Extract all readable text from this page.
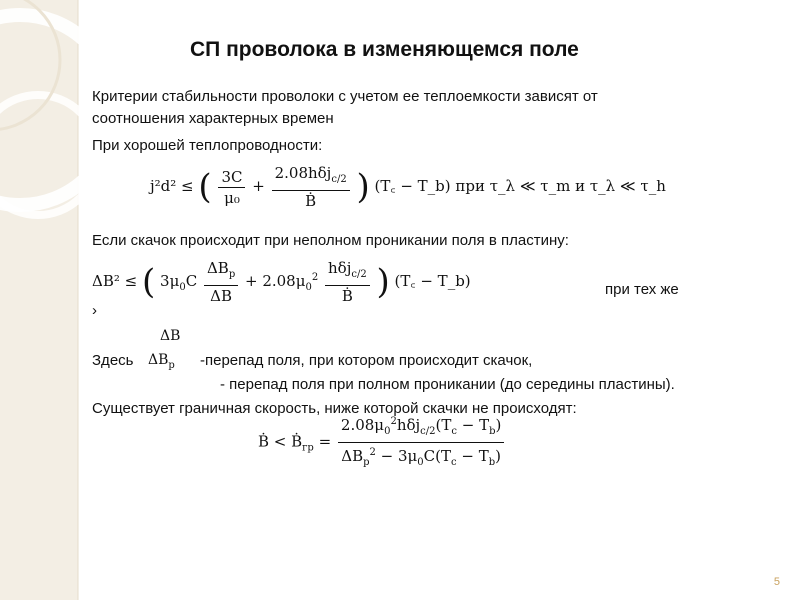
СП проволока в изменяющемся поле
Критерии стабильности проволоки с учетом ее теплоемкости зависят от
соотношения характерных времен
При хорошей теплопроводности:
j²d² ≤ ( $\frac{3C}{\text{μ₀}} + \frac{2.08h\delta j_{c/2}}{\text{Ḃ}}$ ) (T꜀ − T_b) при τ_λ ≪ τ_m и τ_λ ≪ τ_h
Если скачок происходит при неполном проникании поля в пластину:
ΔB² ≤ ( $3\mu_0C \frac{\Delta B_p}{\Delta B} + 2.08\mu_0^2 \frac{h\delta j_{c/2}}{\text{Ḃ}}$ ) (T꜀ − T_b)	при тех же
›
ΔB
Здесь $\Delta B_p$ -перепад поля, при котором происходит скачок,
- перепад поля при полном проникании (до середины пластины).
Существует граничная скорость, ниже которой скачки не происходят:
Ḃ < Ḃ$_{гр}$ = $\frac{2.08\mu_0^2h\delta j_{c/2}(T_c - T_b)}{\Delta B_p^2 - 3\mu_0C(T_c - T_b)}$
5
